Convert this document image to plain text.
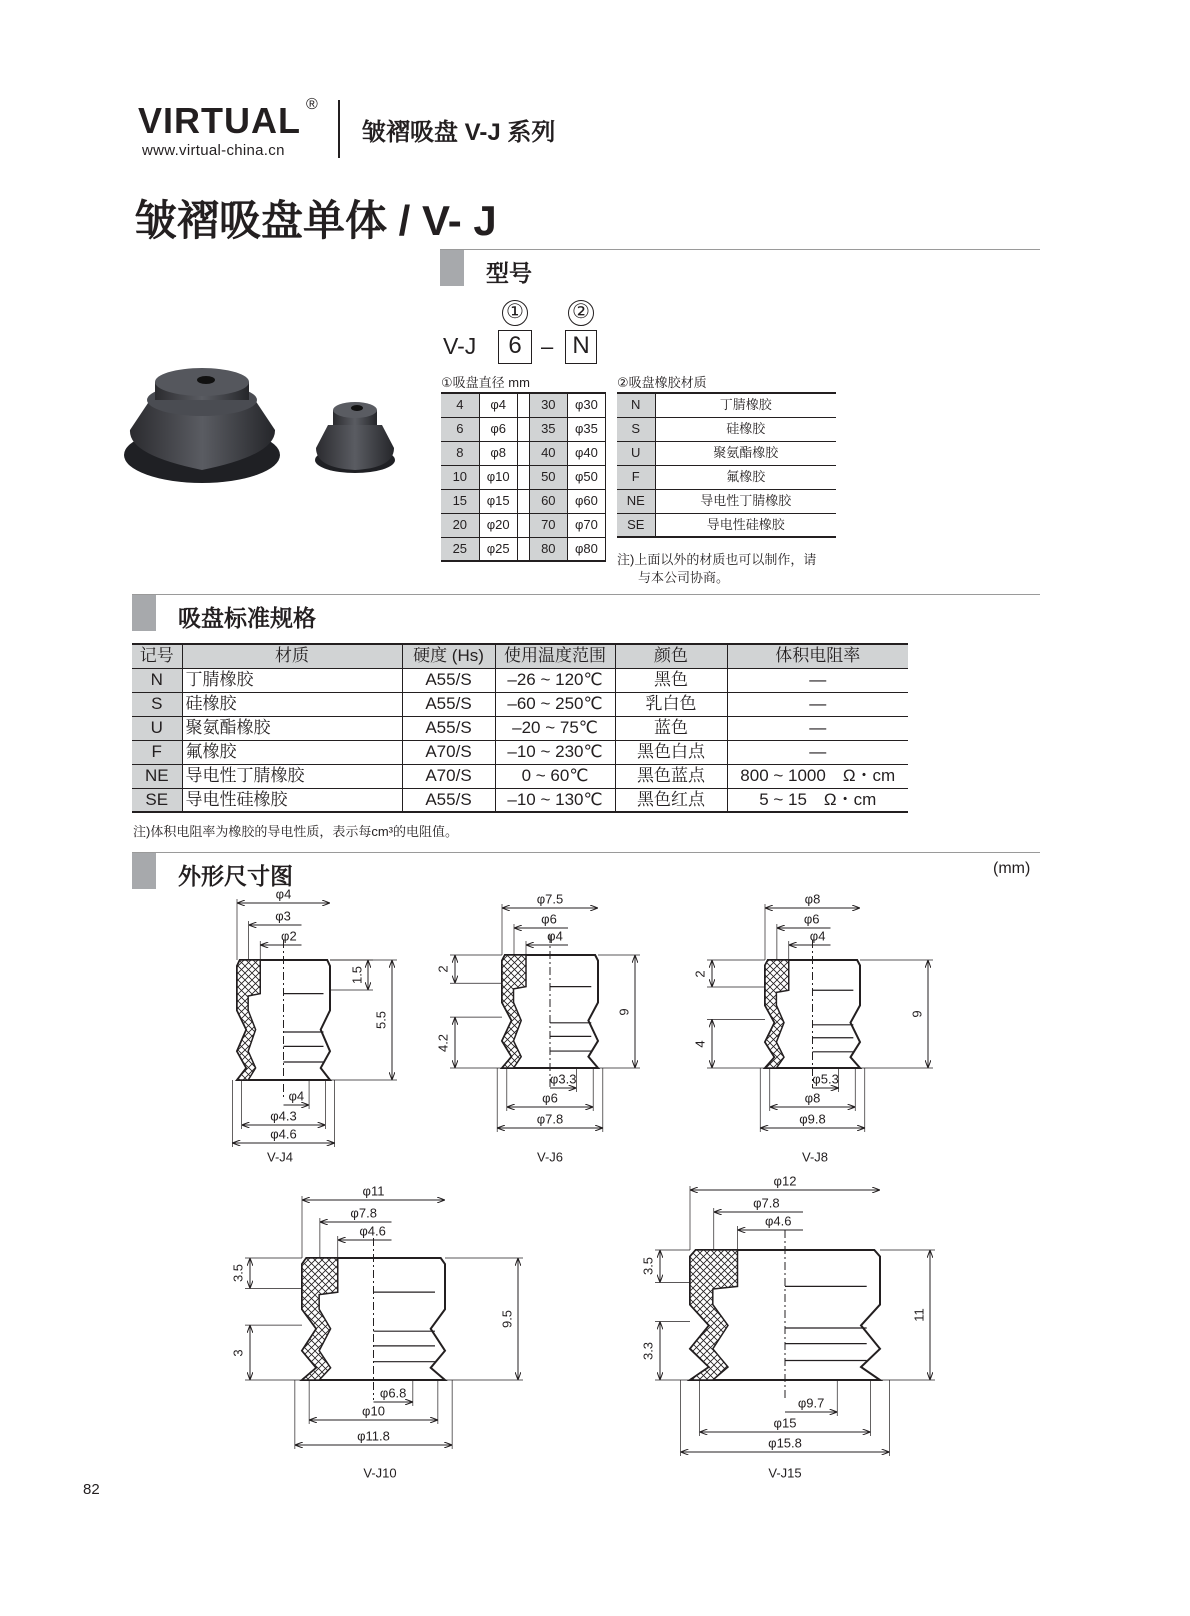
VIRTUAL ®
www.virtual-china.cn
皱褶吸盘 V-J 系列
皱褶吸盘单体 / V- J
型号
① ②
V-J	6 – N
①吸盘直径 mm
4	φ4		30	φ30
6	φ6		35	φ35
8	φ8		40	φ40
10	φ10		50	φ50
15	φ15		60	φ60
20	φ20		70	φ70
25	φ25		80	φ80
②吸盘橡胶材质
N	丁腈橡胶
S	硅橡胶
U	聚氨酯橡胶
F	氟橡胶
NE	导电性丁腈橡胶
SE	导电性硅橡胶
注)上面以外的材质也可以制作，请
与本公司协商。
吸盘标准规格
记号	材质	硬度 (Hs)	使用温度范围	颜色	体积电阻率
N	丁腈橡胶	A55/S	–26 ~ 120℃	黑色	—
S	硅橡胶	A55/S	–60 ~ 250℃	乳白色	—
U	聚氨酯橡胶	A55/S	–20 ~ 75℃	蓝色	—
F	氟橡胶	A70/S	–10 ~ 230℃	黑色白点	—
NE	导电性丁腈橡胶	A70/S	0 ~ 60℃	黑色蓝点	800 ~ 1000　Ω・cm
SE	导电性硅橡胶	A55/S	–10 ~ 130℃	黑色红点	5 ~ 15　Ω・cm
注)体积电阻率为橡胶的导电性质，表示每cm³的电阻值。
外形尺寸图	(mm)
φ4
φ3
φ2
φ4
φ4.3
φ4.6
1.5
5.5
V-J4
φ7.5
φ6
φ4
φ3.3
φ6
φ7.8
2
4.2
9
V-J6
φ8
φ6
φ4
φ5.3
φ8
φ9.8
2
4
9
V-J8
φ11
φ7.8
φ4.6
φ6.8
φ10
φ11.8
3.5
3
9.5
V-J10
φ12
φ7.8
φ4.6
φ9.7
φ15
φ15.8
3.5
3.3
11
V-J15
82
